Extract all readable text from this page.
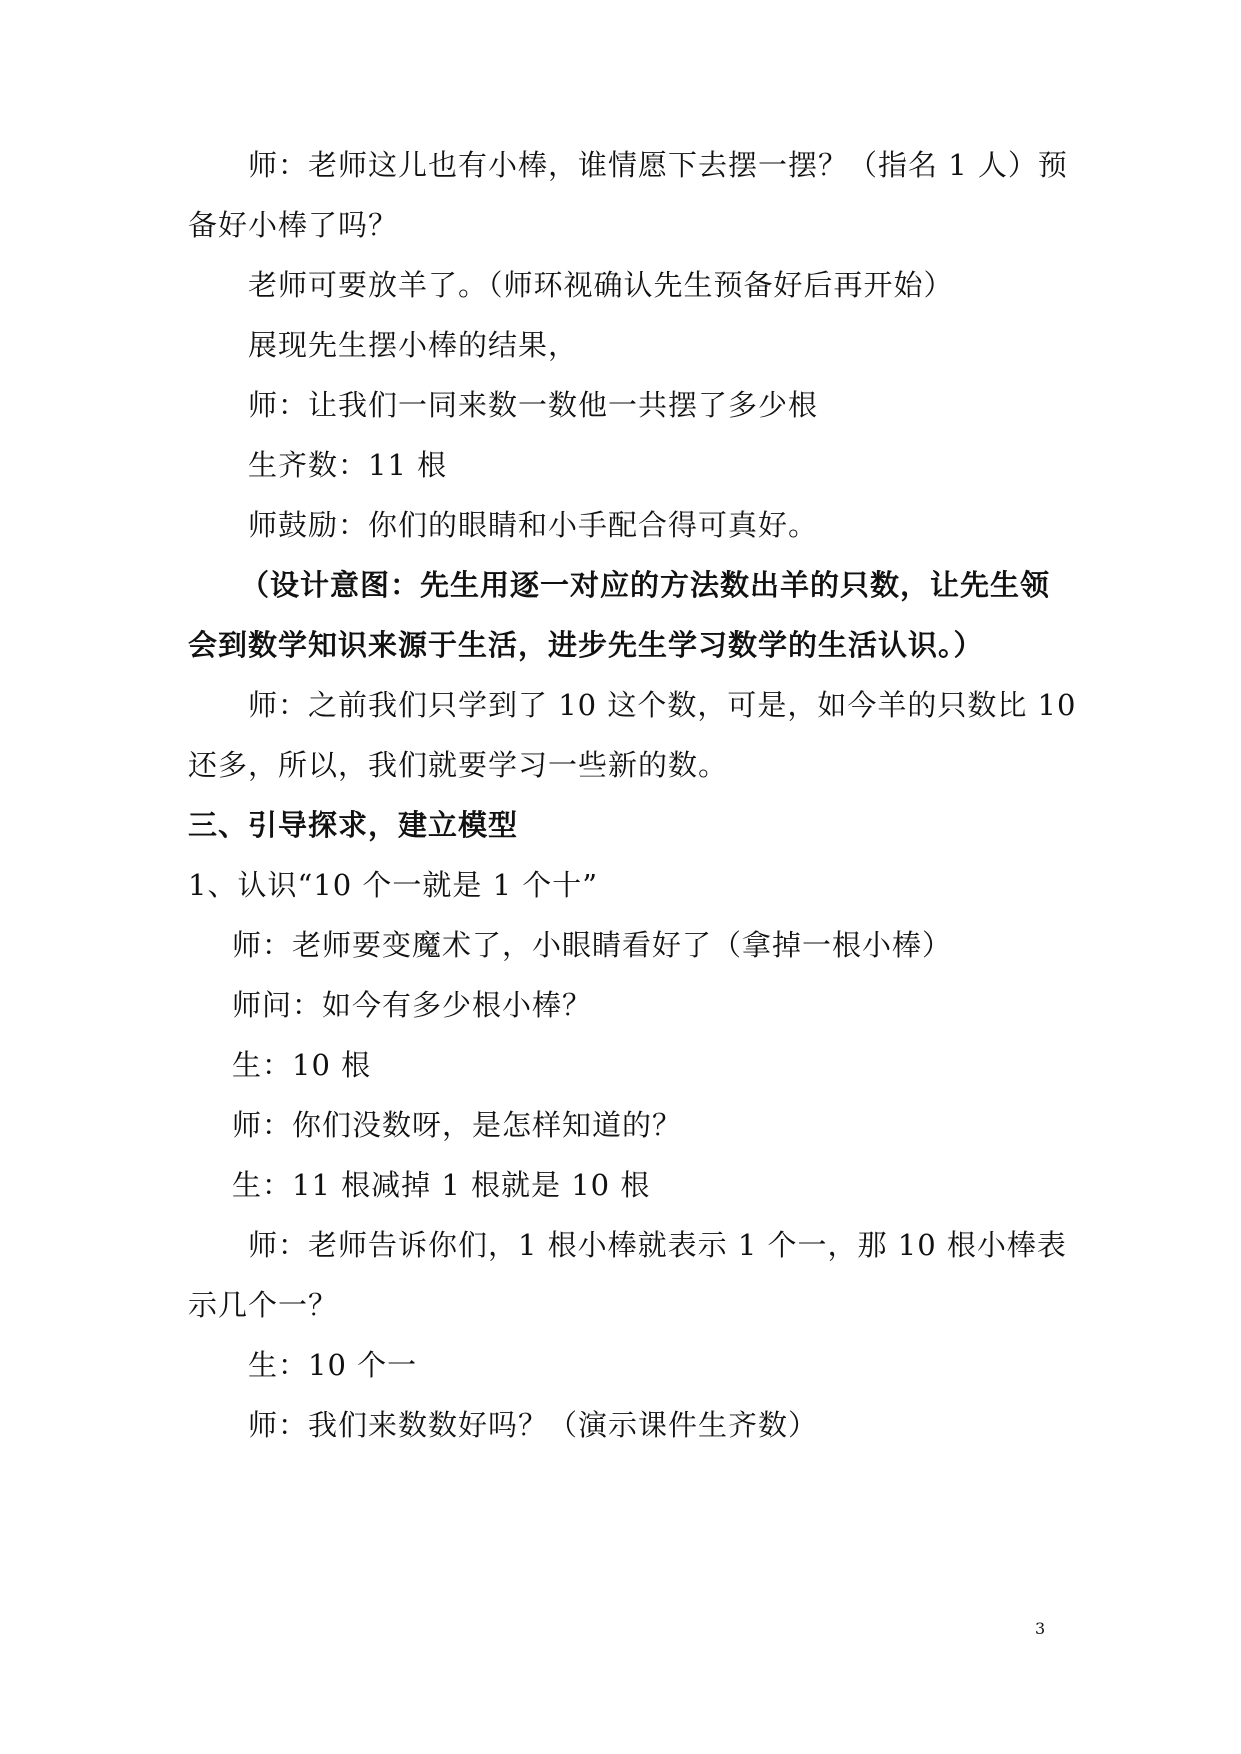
师：老师这儿也有小棒，谁情愿下去摆一摆？（指名 1 人）预
备好小棒了吗？
老师可要放羊了。（师环视确认先生预备好后再开始）
展现先生摆小棒的结果，
师：让我们一同来数一数他一共摆了多少根
生齐数：11 根
师鼓励：你们的眼睛和小手配合得可真好。
（设计意图：先生用逐一对应的方法数出羊的只数，让先生领
会到数学知识来源于生活，进步先生学习数学的生活认识。）
师：之前我们只学到了 10 这个数，可是，如今羊的只数比 10
还多，所以，我们就要学习一些新的数。
三、引导探求，建立模型
1、认识“10 个一就是 1 个十”
师：老师要变魔术了，小眼睛看好了（拿掉一根小棒）
师问：如今有多少根小棒？
生：10 根
师：你们没数呀，是怎样知道的？
生：11 根减掉 1 根就是 10 根
师：老师告诉你们，1 根小棒就表示 1 个一，那 10 根小棒表
示几个一？
生：10 个一
师：我们来数数好吗？（演示课件生齐数）
3
